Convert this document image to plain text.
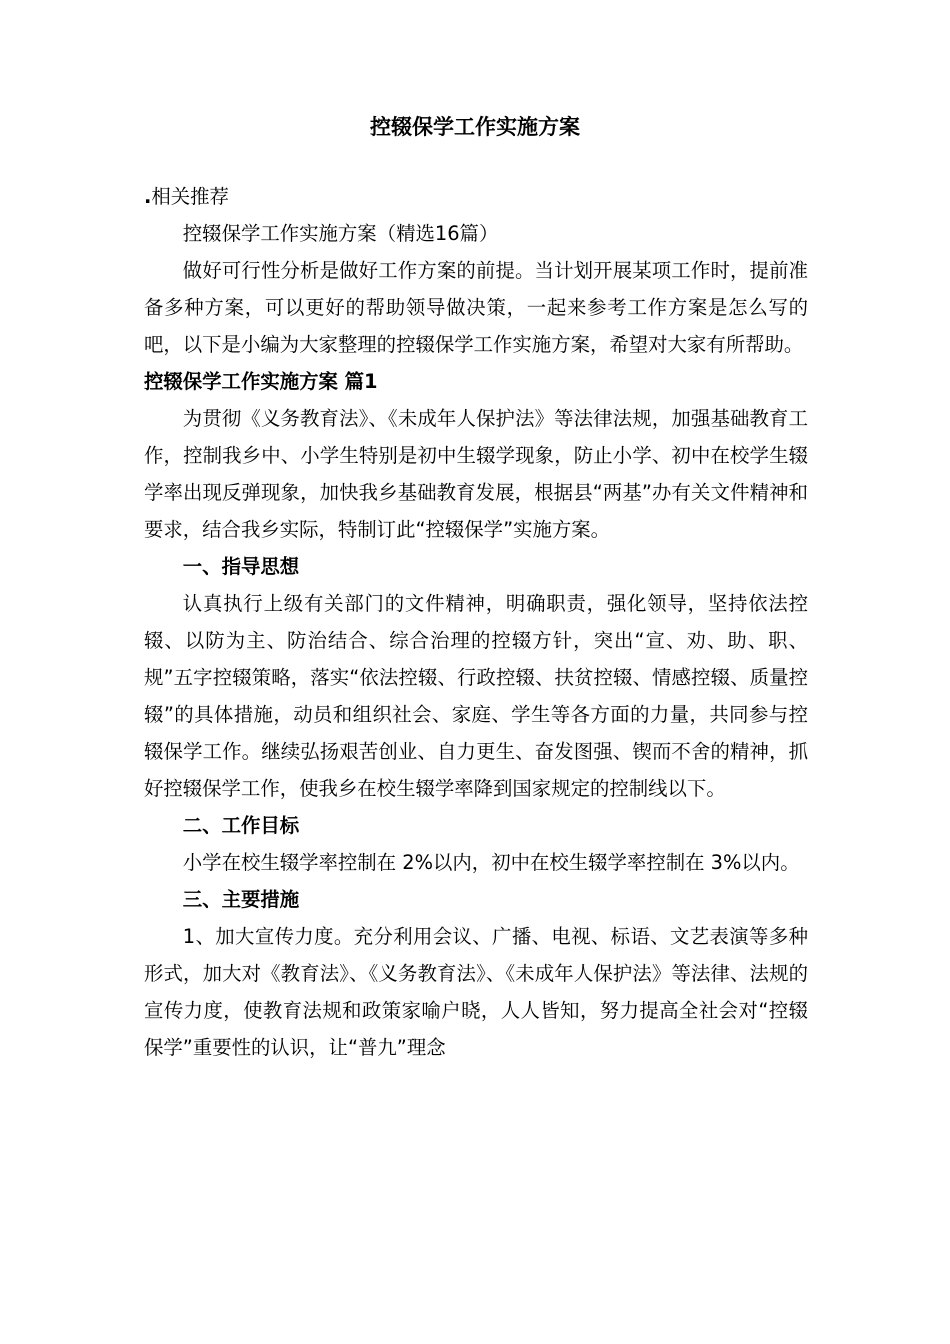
控辍保学工作实施方案

.相关推荐

控辍保学工作实施方案（精选16篇）

做好可行性分析是做好工作方案的前提。当计划开展某项工作时，提前准备多种方案，可以更好的帮助领导做决策，一起来参考工作方案是怎么写的吧，以下是小编为大家整理的控辍保学工作实施方案，希望对大家有所帮助。

控辍保学工作实施方案 篇1

为贯彻《义务教育法》、《未成年人保护法》等法律法规，加强基础教育工作，控制我乡中、小学生特别是初中生辍学现象，防止小学、初中在校学生辍学率出现反弹现象，加快我乡基础教育发展，根据县“两基”办有关文件精神和要求，结合我乡实际，特制订此“控辍保学”实施方案。

一、指导思想

认真执行上级有关部门的文件精神，明确职责，强化领导，坚持依法控辍、以防为主、防治结合、综合治理的控辍方针，突出“宣、劝、助、职、规”五字控辍策略，落实“依法控辍、行政控辍、扶贫控辍、情感控辍、质量控辍”的具体措施，动员和组织社会、家庭、学生等各方面的力量，共同参与控辍保学工作。继续弘扬艰苦创业、自力更生、奋发图强、锲而不舍的精神，抓好控辍保学工作，使我乡在校生辍学率降到国家规定的控制线以下。

二、工作目标

小学在校生辍学率控制在 2%以内，初中在校生辍学率控制在 3%以内。

三、主要措施

1、加大宣传力度。充分利用会议、广播、电视、标语、文艺表演等多种形式，加大对《教育法》、《义务教育法》、《未成年人保护法》等法律、法规的宣传力度，使教育法规和政策家喻户晓，人人皆知，努力提高全社会对“控辍保学”重要性的认识，让“普九”理念
